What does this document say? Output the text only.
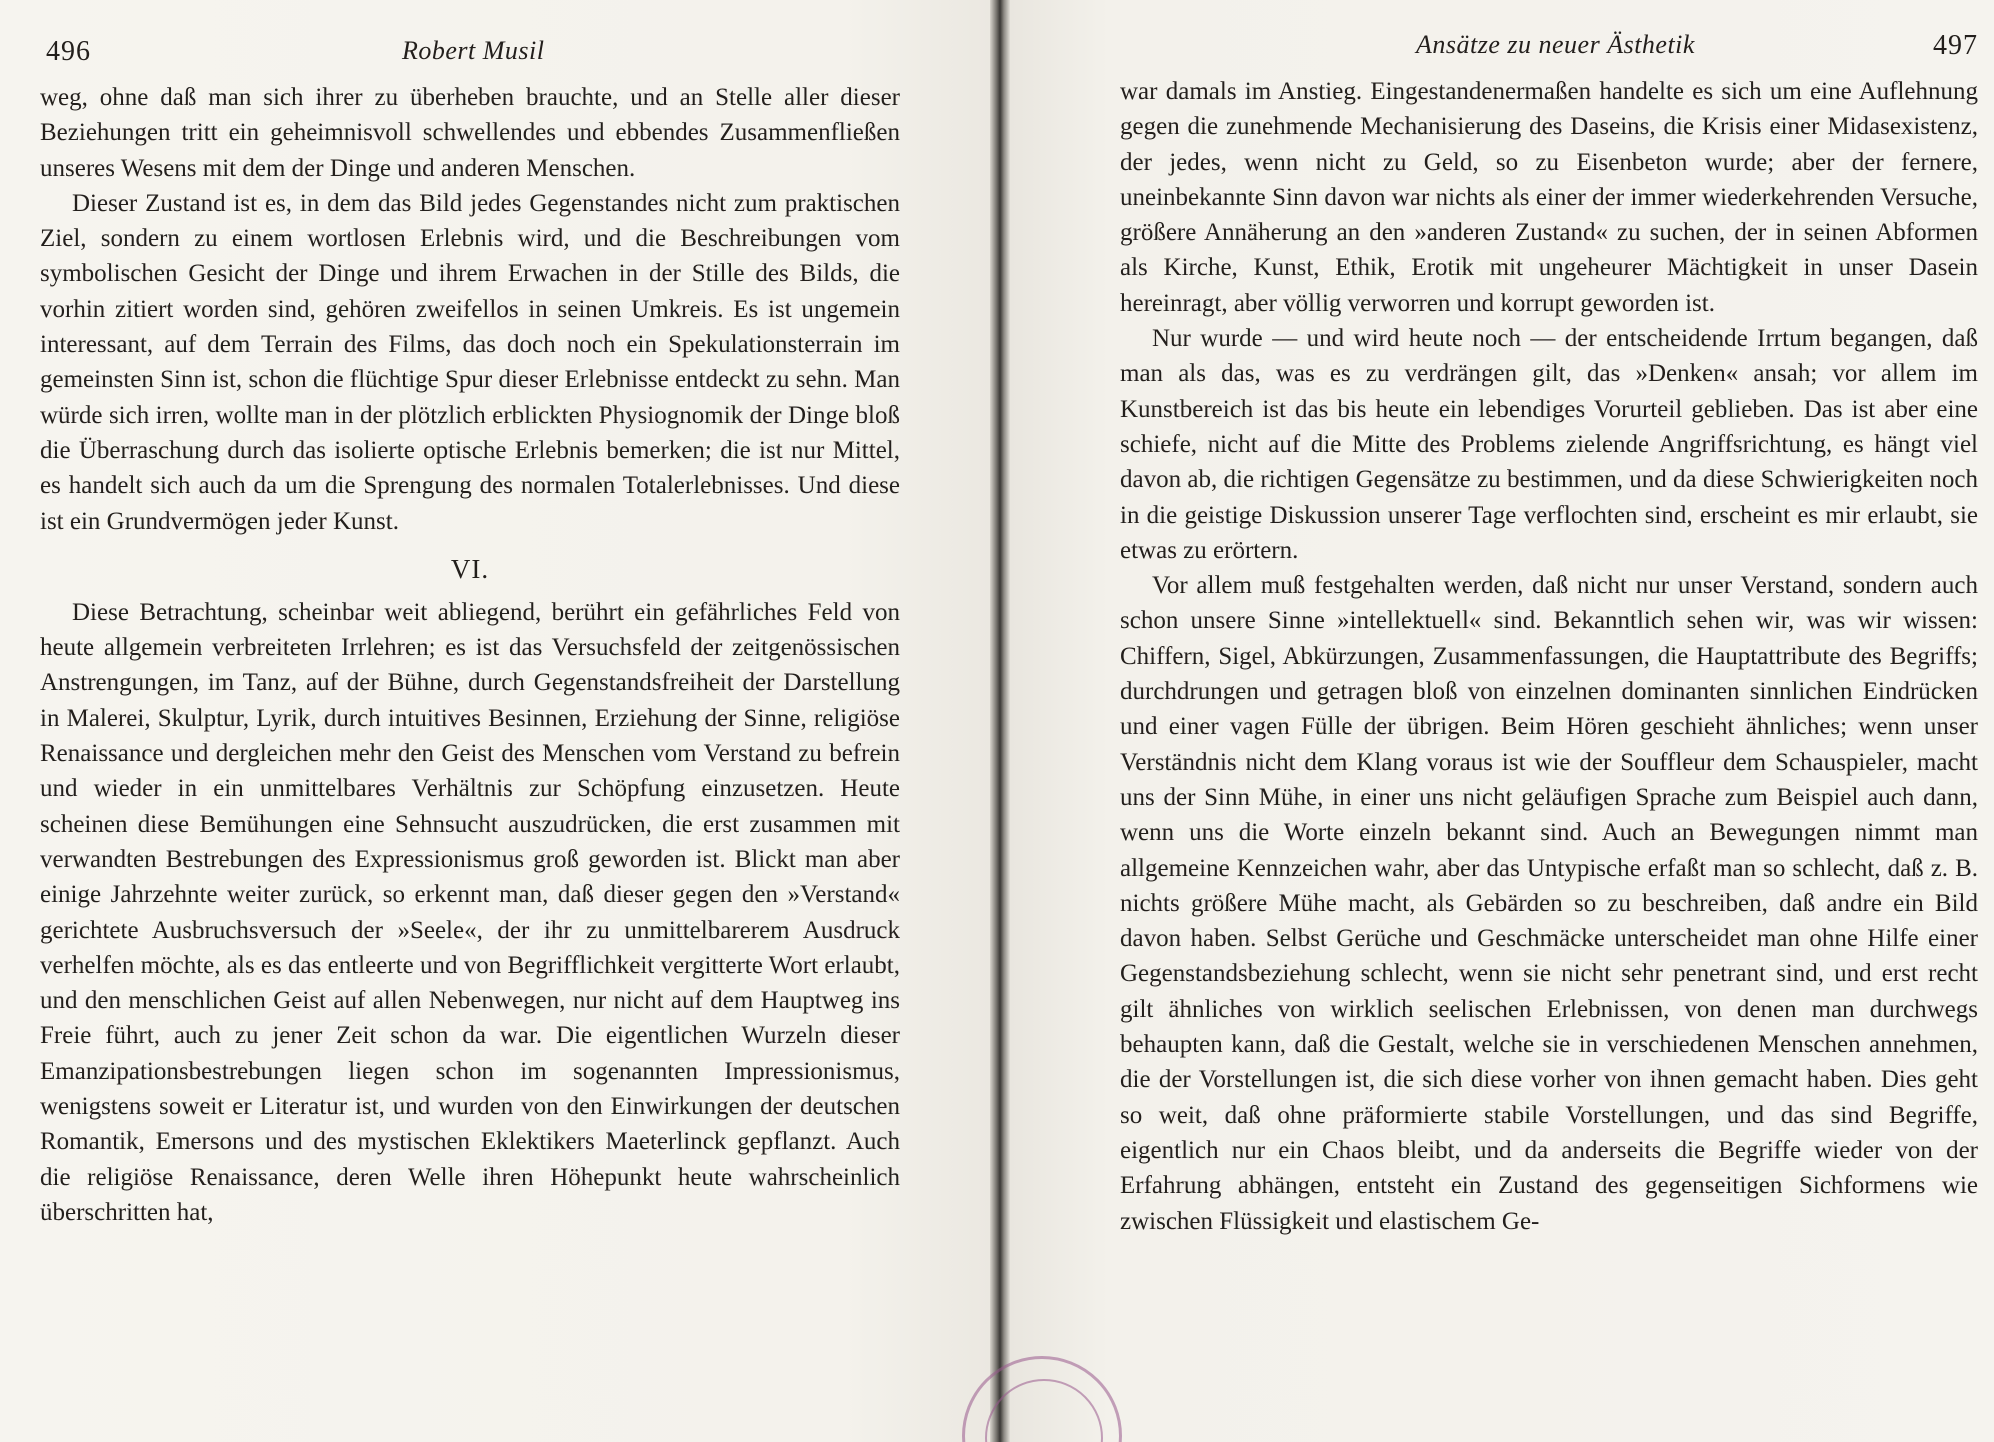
496	Robert Musil

weg, ohne daß man sich ihrer zu überheben brauchte, und an Stelle aller dieser Beziehungen tritt ein geheimnisvoll schwellendes und ebbendes Zusammenfließen unseres Wesens mit dem der Dinge und anderen Menschen.

Dieser Zustand ist es, in dem das Bild jedes Gegenstandes nicht zum praktischen Ziel, sondern zu einem wortlosen Erlebnis wird, und die Beschreibungen vom symbolischen Gesicht der Dinge und ihrem Erwachen in der Stille des Bilds, die vorhin zitiert worden sind, gehören zweifellos in seinen Umkreis. Es ist ungemein interessant, auf dem Terrain des Films, das doch noch ein Spekulationsterrain im gemeinsten Sinn ist, schon die flüchtige Spur dieser Erlebnisse entdeckt zu sehn. Man würde sich irren, wollte man in der plötzlich erblickten Physiognomik der Dinge bloß die Überraschung durch das isolierte optische Erlebnis bemerken; die ist nur Mittel, es handelt sich auch da um die Sprengung des normalen Totalerlebnisses. Und diese ist ein Grundvermögen jeder Kunst.

VI.

Diese Betrachtung, scheinbar weit abliegend, berührt ein gefährliches Feld von heute allgemein verbreiteten Irrlehren; es ist das Versuchsfeld der zeitgenössischen Anstrengungen, im Tanz, auf der Bühne, durch Gegenstandsfreiheit der Darstellung in Malerei, Skulptur, Lyrik, durch intuitives Besinnen, Erziehung der Sinne, religiöse Renaissance und dergleichen mehr den Geist des Menschen vom Verstand zu befrein und wieder in ein unmittelbares Verhältnis zur Schöpfung einzusetzen. Heute scheinen diese Bemühungen eine Sehnsucht auszudrücken, die erst zusammen mit verwandten Bestrebungen des Expressionismus groß geworden ist. Blickt man aber einige Jahrzehnte weiter zurück, so erkennt man, daß dieser gegen den »Verstand« gerichtete Ausbruchsversuch der »Seele«, der ihr zu unmittelbarerem Ausdruck verhelfen möchte, als es das entleerte und von Begrifflichkeit vergitterte Wort erlaubt, und den menschlichen Geist auf allen Nebenwegen, nur nicht auf dem Hauptweg ins Freie führt, auch zu jener Zeit schon da war. Die eigentlichen Wurzeln dieser Emanzipationsbestrebungen liegen schon im sogenannten Impressionismus, wenigstens soweit er Literatur ist, und wurden von den Einwirkungen der deutschen Romantik, Emersons und des mystischen Eklektikers Maeterlinck gepflanzt. Auch die religiöse Renaissance, deren Welle ihren Höhepunkt heute wahrscheinlich überschritten hat,

Ansätze zu neuer Ästhetik	497

war damals im Anstieg. Eingestandenermaßen handelte es sich um eine Auflehnung gegen die zunehmende Mechanisierung des Daseins, die Krisis einer Midasexistenz, der jedes, wenn nicht zu Geld, so zu Eisenbeton wurde; aber der fernere, uneinbekannte Sinn davon war nichts als einer der immer wiederkehrenden Versuche, größere Annäherung an den »anderen Zustand« zu suchen, der in seinen Abformen als Kirche, Kunst, Ethik, Erotik mit ungeheurer Mächtigkeit in unser Dasein hereinragt, aber völlig verworren und korrupt geworden ist.

Nur wurde — und wird heute noch — der entscheidende Irrtum begangen, daß man als das, was es zu verdrängen gilt, das »Denken« ansah; vor allem im Kunstbereich ist das bis heute ein lebendiges Vorurteil geblieben. Das ist aber eine schiefe, nicht auf die Mitte des Problems zielende Angriffsrichtung, es hängt viel davon ab, die richtigen Gegensätze zu bestimmen, und da diese Schwierigkeiten noch in die geistige Diskussion unserer Tage verflochten sind, erscheint es mir erlaubt, sie etwas zu erörtern.

Vor allem muß festgehalten werden, daß nicht nur unser Verstand, sondern auch schon unsere Sinne »intellektuell« sind. Bekanntlich sehen wir, was wir wissen: Chiffern, Sigel, Abkürzungen, Zusammenfassungen, die Hauptattribute des Begriffs; durchdrungen und getragen bloß von einzelnen dominanten sinnlichen Eindrücken und einer vagen Fülle der übrigen. Beim Hören geschieht ähnliches; wenn unser Verständnis nicht dem Klang voraus ist wie der Souffleur dem Schauspieler, macht uns der Sinn Mühe, in einer uns nicht geläufigen Sprache zum Beispiel auch dann, wenn uns die Worte einzeln bekannt sind. Auch an Bewegungen nimmt man allgemeine Kennzeichen wahr, aber das Untypische erfaßt man so schlecht, daß z. B. nichts größere Mühe macht, als Gebärden so zu beschreiben, daß andre ein Bild davon haben. Selbst Gerüche und Geschmäcke unterscheidet man ohne Hilfe einer Gegenstandsbeziehung schlecht, wenn sie nicht sehr penetrant sind, und erst recht gilt ähnliches von wirklich seelischen Erlebnissen, von denen man durchwegs behaupten kann, daß die Gestalt, welche sie in verschiedenen Menschen annehmen, die der Vorstellungen ist, die sich diese vorher von ihnen gemacht haben. Dies geht so weit, daß ohne präformierte stabile Vorstellungen, und das sind Begriffe, eigentlich nur ein Chaos bleibt, und da anderseits die Begriffe wieder von der Erfahrung abhängen, entsteht ein Zustand des gegenseitigen Sichformens wie zwischen Flüssigkeit und elastischem Ge-
